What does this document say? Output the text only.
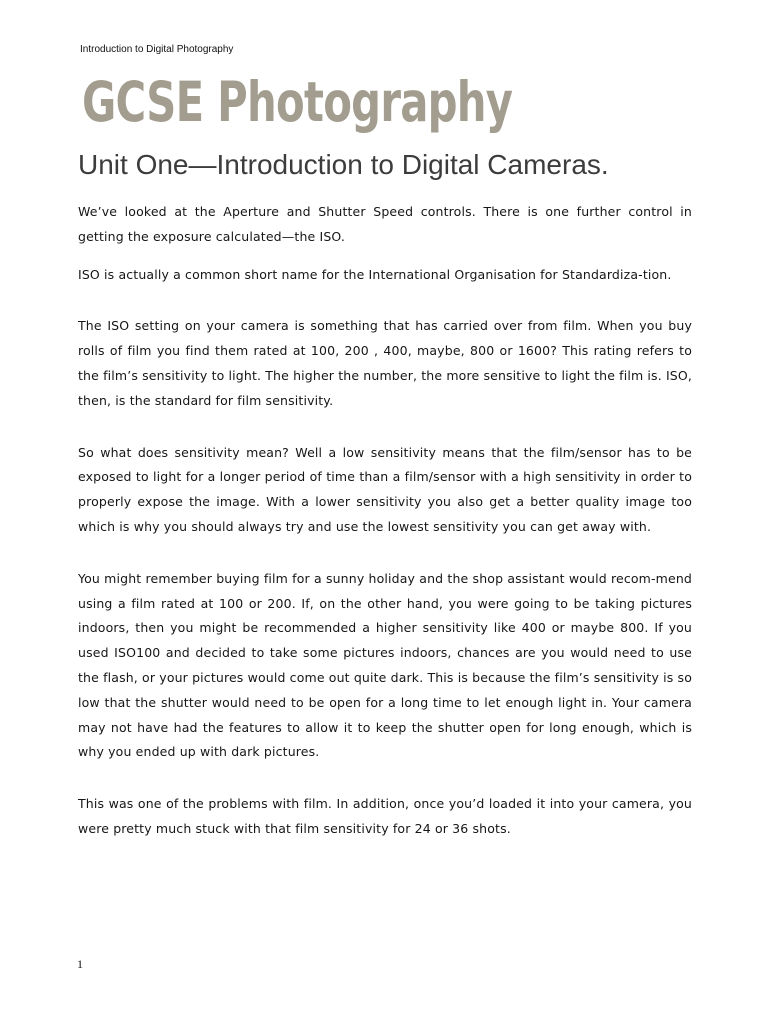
Introduction to Digital Photography
GCSE Photography
Unit One—Introduction to Digital Cameras.

We’ve looked at the Aperture and Shutter Speed controls. There is one further control in getting the exposure calculated—the ISO.

ISO is actually a common short name for the International Organisation for Standardiza-tion.

The ISO setting on your camera is something that has carried over from film. When you buy rolls of film you find them rated at 100, 200 , 400, maybe, 800 or 1600? This rating refers to the film’s sensitivity to light. The higher the number, the more sensitive to light the film is. ISO, then, is the standard for film sensitivity.

So what does sensitivity mean? Well a low sensitivity means that the film/sensor has to be exposed to light for a longer period of time than a film/sensor with a high sensitivity in order to properly expose the image. With a lower sensitivity you also get a better quality image too which is why you should always try and use the lowest sensitivity you can get away with.

You might remember buying film for a sunny holiday and the shop assistant would recom-mend using a film rated at 100 or 200. If, on the other hand, you were going to be taking pictures indoors, then you might be recommended a higher sensitivity like 400 or maybe 800. If you used ISO100 and decided to take some pictures indoors, chances are you would need to use the flash, or your pictures would come out quite dark. This is because the film’s sensitivity is so low that the shutter would need to be open for a long time to let enough light in. Your camera may not have had the features to allow it to keep the shutter open for long enough, which is why you ended up with dark pictures.

This was one of the problems with film. In addition, once you’d loaded it into your camera, you were pretty much stuck with that film sensitivity for 24 or 36 shots.

1
